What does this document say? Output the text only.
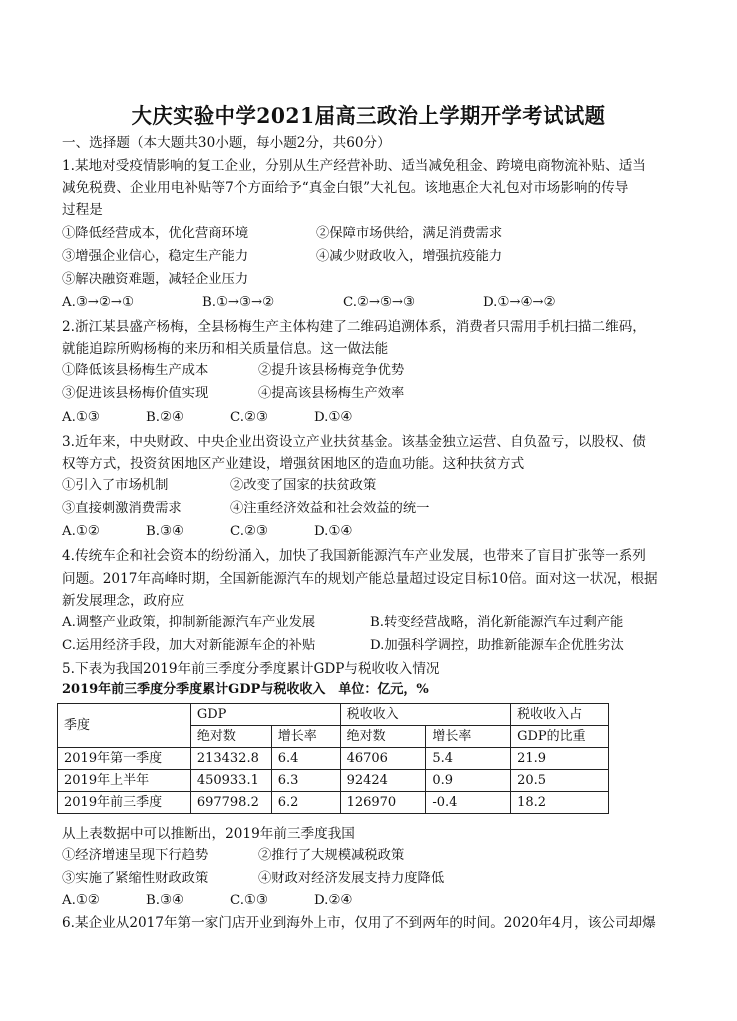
大庆实验中学2021届高三政治上学期开学考试试题
一、选择题（本大题共30小题，每小题2分，共60分）
1.某地对受疫情影响的复工企业，分别从生产经营补助、适当减免租金、跨境电商物流补贴、适当
减免税费、企业用电补贴等7个方面给予“真金白银”大礼包。该地惠企大礼包对市场影响的传导
过程是
①降低经营成本，优化营商环境	②保障市场供给，满足消费需求
③增强企业信心，稳定生产能力	④减少财政收入，增强抗疫能力
⑤解决融资难题，减轻企业压力
A.③→②→①	B.①→③→②	C.②→⑤→③	D.①→④→②
2.浙江某县盛产杨梅，全县杨梅生产主体构建了二维码追溯体系，消费者只需用手机扫描二维码，
就能追踪所购杨梅的来历和相关质量信息。这一做法能
①降低该县杨梅生产成本	②提升该县杨梅竞争优势
③促进该县杨梅价值实现	④提高该县杨梅生产效率
A.①③	B.②④	C.②③	D.①④
3.近年来，中央财政、中央企业出资设立产业扶贫基金。该基金独立运营、自负盈亏，以股权、债
权等方式，投资贫困地区产业建设，增强贫困地区的造血功能。这种扶贫方式
①引入了市场机制	②改变了国家的扶贫政策
③直接刺激消费需求	④注重经济效益和社会效益的统一
A.①②	B.③④	C.②③	D.①④
4.传统车企和社会资本的纷纷涌入，加快了我国新能源汽车产业发展，也带来了盲目扩张等一系列
问题。2017年高峰时期，全国新能源汽车的规划产能总量超过设定目标10倍。面对这一状况，根据
新发展理念，政府应
A.调整产业政策，抑制新能源汽车产业发展	B.转变经营战略，消化新能源汽车过剩产能
C.运用经济手段，加大对新能源车企的补贴	D.加强科学调控，助推新能源车企优胜劣汰
5.下表为我国2019年前三季度分季度累计GDP与税收收入情况
2019年前三季度分季度累计GDP与税收收入　单位：亿元，%
季度	GDP		税收收入		税收收入占
	绝对数	增长率	绝对数	增长率	GDP的比重
2019年第一季度	213432.8	6.4	46706	5.4	21.9
2019年上半年	450933.1	6.3	92424	0.9	20.5
2019年前三季度	697798.2	6.2	126970	-0.4	18.2
从上表数据中可以推断出，2019年前三季度我国
①经济增速呈现下行趋势	②推行了大规模减税政策
③实施了紧缩性财政政策	④财政对经济发展支持力度降低
A.①②	B.③④	C.①③	D.②④
6.某企业从2017年第一家门店开业到海外上市，仅用了不到两年的时间。2020年4月，该公司却爆
